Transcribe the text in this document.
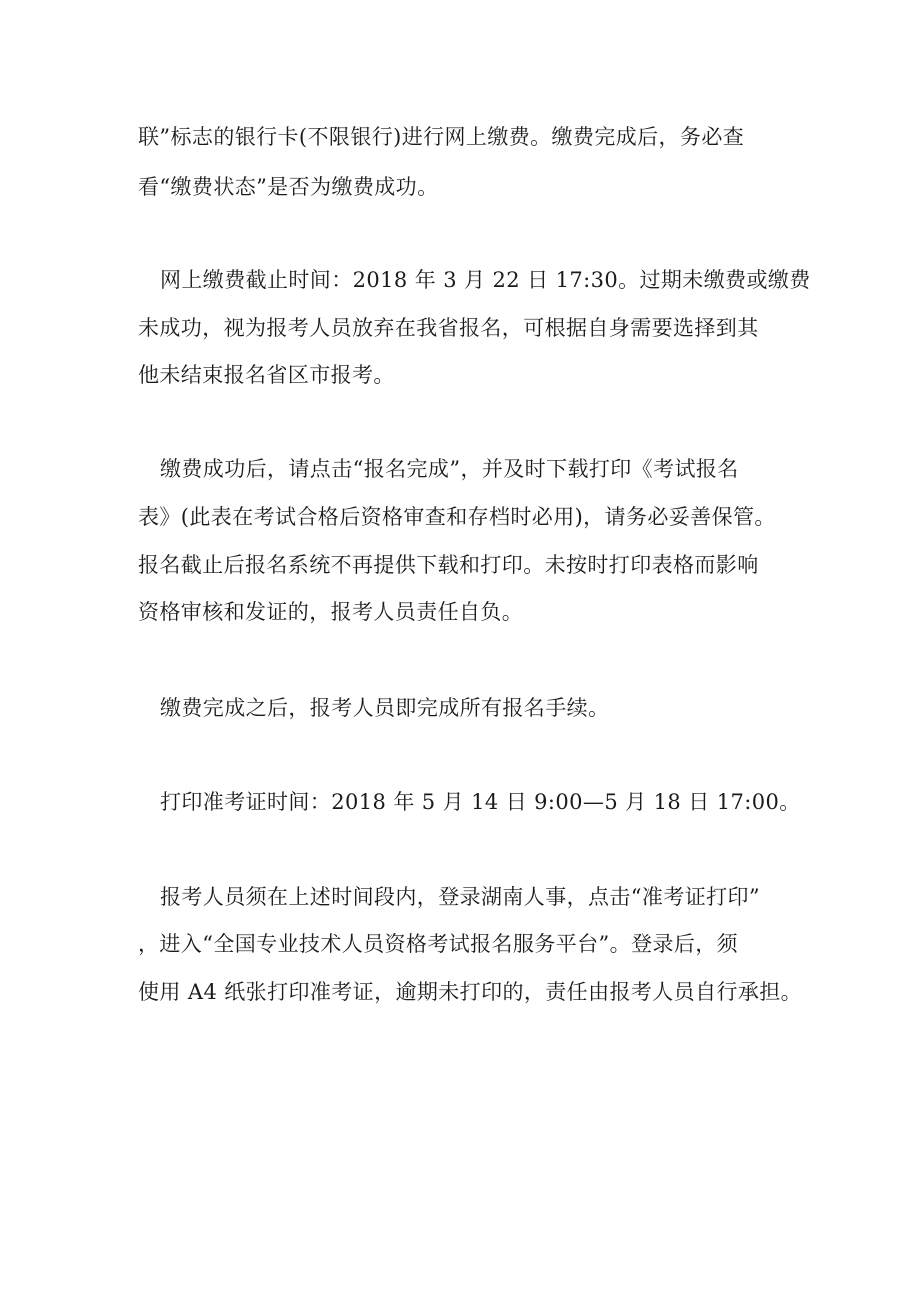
联”标志的银行卡(不限银行)进行网上缴费。缴费完成后，务必查
看“缴费状态”是否为缴费成功。
网上缴费截止时间：2018 年 3 月 22 日 17:30。过期未缴费或缴费
未成功，视为报考人员放弃在我省报名，可根据自身需要选择到其
他未结束报名省区市报考。
缴费成功后，请点击“报名完成”，并及时下载打印《考试报名
表》(此表在考试合格后资格审查和存档时必用)，请务必妥善保管。
报名截止后报名系统不再提供下载和打印。未按时打印表格而影响
资格审核和发证的，报考人员责任自负。
缴费完成之后，报考人员即完成所有报名手续。
打印准考证时间：2018 年 5 月 14 日 9:00—5 月 18 日 17:00。
报考人员须在上述时间段内，登录湖南人事，点击“准考证打印”
，进入“全国专业技术人员资格考试报名服务平台”。登录后，须
使用 A4 纸张打印准考证，逾期未打印的，责任由报考人员自行承担。
